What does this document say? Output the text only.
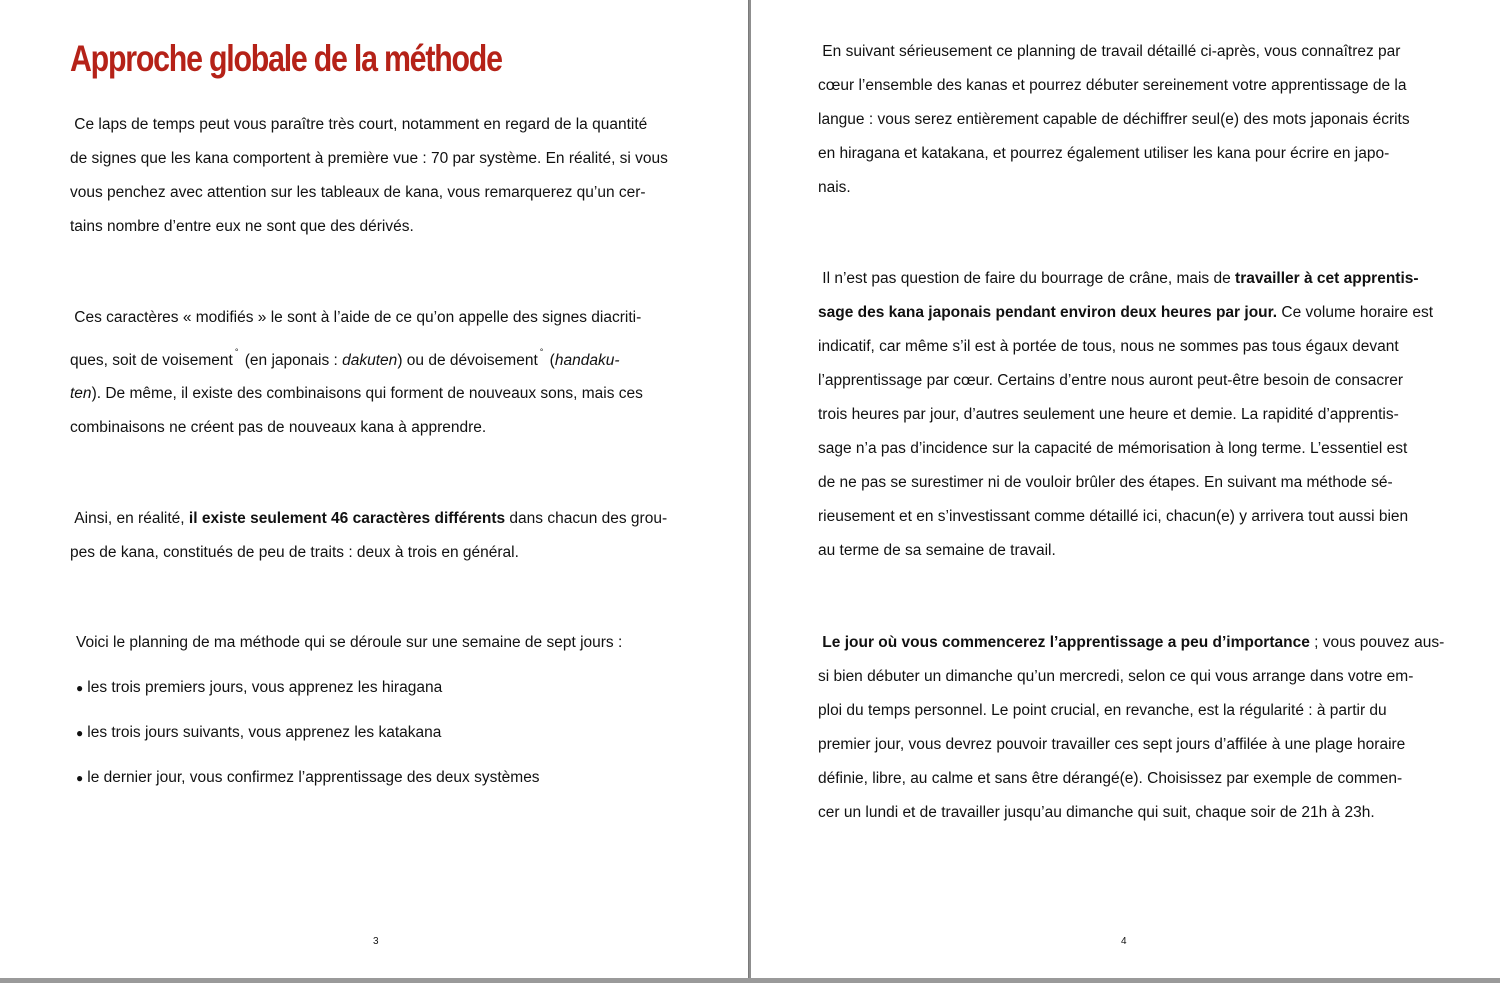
Approche globale de la méthode

Ce laps de temps peut vous paraître très court, notamment en regard de la quantité
de signes que les kana comportent à première vue : 70 par système. En réalité, si vous
vous penchez avec attention sur les tableaux de kana, vous remarquerez qu’un cer-
tains nombre d’entre eux ne sont que des dérivés.

Ces caractères « modifiés » le sont à l’aide de ce qu’on appelle des signes diacriti-
ques, soit de voisement ° (en japonais : dakuten) ou de dévoisement ° (handaku-
ten). De même, il existe des combinaisons qui forment de nouveaux sons, mais ces
combinaisons ne créent pas de nouveaux kana à apprendre.

Ainsi, en réalité, il existe seulement 46 caractères différents dans chacun des grou-
pes de kana, constitués de peu de traits : deux à trois en général.

Voici le planning de ma méthode qui se déroule sur une semaine de sept jours :

● les trois premiers jours, vous apprenez les hiragana
● les trois jours suivants, vous apprenez les katakana
● le dernier jour, vous confirmez l’apprentissage des deux systèmes
3

En suivant sérieusement ce planning de travail détaillé ci-après, vous connaîtrez par
cœur l’ensemble des kanas et pourrez débuter sereinement votre apprentissage de la
langue : vous serez entièrement capable de déchiffrer seul(e) des mots japonais écrits
en hiragana et katakana, et pourrez également utiliser les kana pour écrire en japo-
nais.

Il n’est pas question de faire du bourrage de crâne, mais de travailler à cet apprentis-
sage des kana japonais pendant environ deux heures par jour. Ce volume horaire est
indicatif, car même s’il est à portée de tous, nous ne sommes pas tous égaux devant
l’apprentissage par cœur. Certains d’entre nous auront peut-être besoin de consacrer
trois heures par jour, d’autres seulement une heure et demie. La rapidité d’apprentis-
sage n’a pas d’incidence sur la capacité de mémorisation à long terme. L’essentiel est
de ne pas se surestimer ni de vouloir brûler des étapes. En suivant ma méthode sé-
rieusement et en s’investissant comme détaillé ici, chacun(e) y arrivera tout aussi bien
au terme de sa semaine de travail.

Le jour où vous commencerez l’apprentissage a peu d’importance ; vous pouvez aus-
si bien débuter un dimanche qu’un mercredi, selon ce qui vous arrange dans votre em-
ploi du temps personnel. Le point crucial, en revanche, est la régularité : à partir du
premier jour, vous devrez pouvoir travailler ces sept jours d’affilée à une plage horaire
définie, libre, au calme et sans être dérangé(e). Choisissez par exemple de commen-
cer un lundi et de travailler jusqu’au dimanche qui suit, chaque soir de 21h à 23h.

4
